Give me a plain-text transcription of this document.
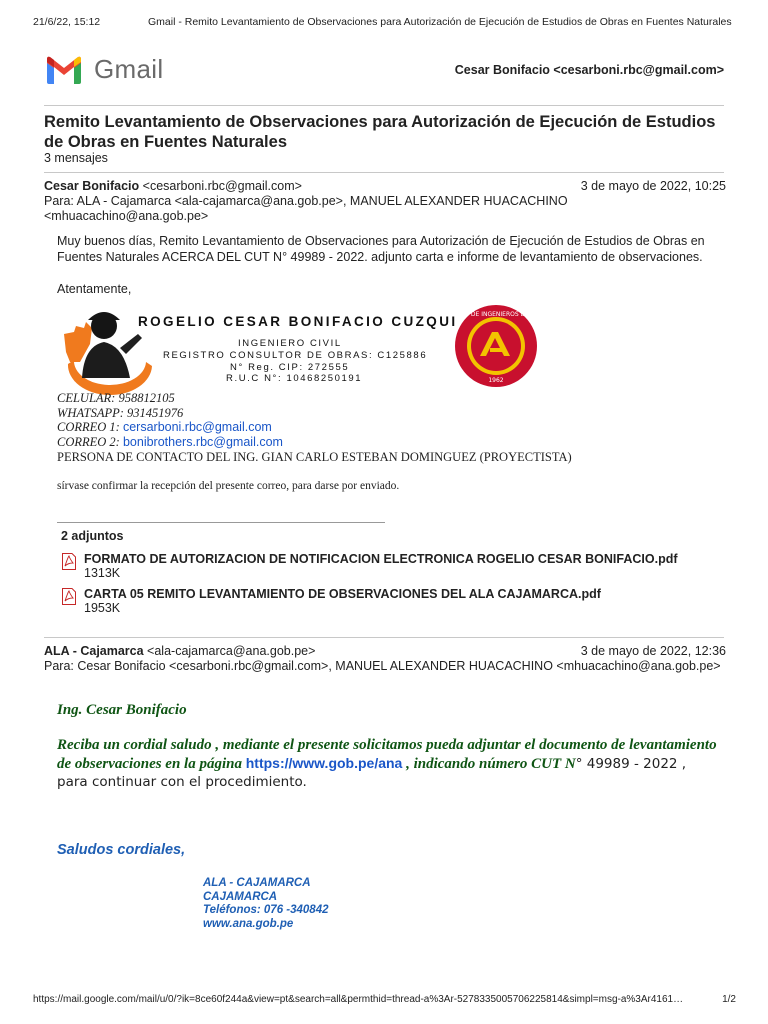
21/6/22, 15:12	Gmail - Remito Levantamiento de Observaciones para Autorización de Ejecución de Estudios de Obras en Fuentes Naturales
Gmail	Cesar Bonifacio <cesarboni.rbc@gmail.com>
Remito Levantamiento de Observaciones para Autorización de Ejecución de Estudios de Obras en Fuentes Naturales
3 mensajes
Cesar Bonifacio <cesarboni.rbc@gmail.com>	3 de mayo de 2022, 10:25
Para: ALA - Cajamarca <ala-cajamarca@ana.gob.pe>, MANUEL ALEXANDER HUACACHINO <mhuacachino@ana.gob.pe>
Muy buenos días, Remito Levantamiento de Observaciones para Autorización de Ejecución de Estudios de Obras en Fuentes Naturales ACERCA DEL CUT N° 49989 - 2022. adjunto carta e informe de levantamiento de observaciones.
Atentamente,
ROGELIO CESAR BONIFACIO CUZQUI
INGENIERO CIVIL
REGISTRO CONSULTOR DE OBRAS: C125886
N° Reg. CIP: 272555
R.U.C N°: 10468250191
COLEGIO DE INGENIEROS DEL PERU
1962
CELULAR: 958812105
WHATSAPP: 931451976
CORREO 1: cersarboni.rbc@gmail.com
CORREO 2: bonibrothers.rbc@gmail.com
PERSONA DE CONTACTO DEL ING. GIAN CARLO ESTEBAN DOMINGUEZ (PROYECTISTA)
sírvase confirmar la recepción del presente correo, para darse por enviado.
2 adjuntos
FORMATO DE AUTORIZACION DE NOTIFICACION ELECTRONICA ROGELIO CESAR BONIFACIO.pdf
1313K
CARTA 05 REMITO LEVANTAMIENTO DE OBSERVACIONES DEL ALA CAJAMARCA.pdf
1953K
ALA - Cajamarca <ala-cajamarca@ana.gob.pe>	3 de mayo de 2022, 12:36
Para: Cesar Bonifacio <cesarboni.rbc@gmail.com>, MANUEL ALEXANDER HUACACHINO <mhuacachino@ana.gob.pe>
Ing. Cesar Bonifacio
Reciba un cordial saludo , mediante el presente solicitamos pueda adjuntar el documento de levantamiento de observaciones en la página https://www.gob.pe/ana , indicando número CUT N° 49989 - 2022 , para continuar con el procedimiento.
Saludos cordiales,
ALA - CAJAMARCA
CAJAMARCA
Teléfonos: 076 -340842
www.ana.gob.pe
https://mail.google.com/mail/u/0/?ik=8ce60f244a&view=pt&search=all&permthid=thread-a%3Ar-5278335005706225814&simpl=msg-a%3Ar4161…	1/2
